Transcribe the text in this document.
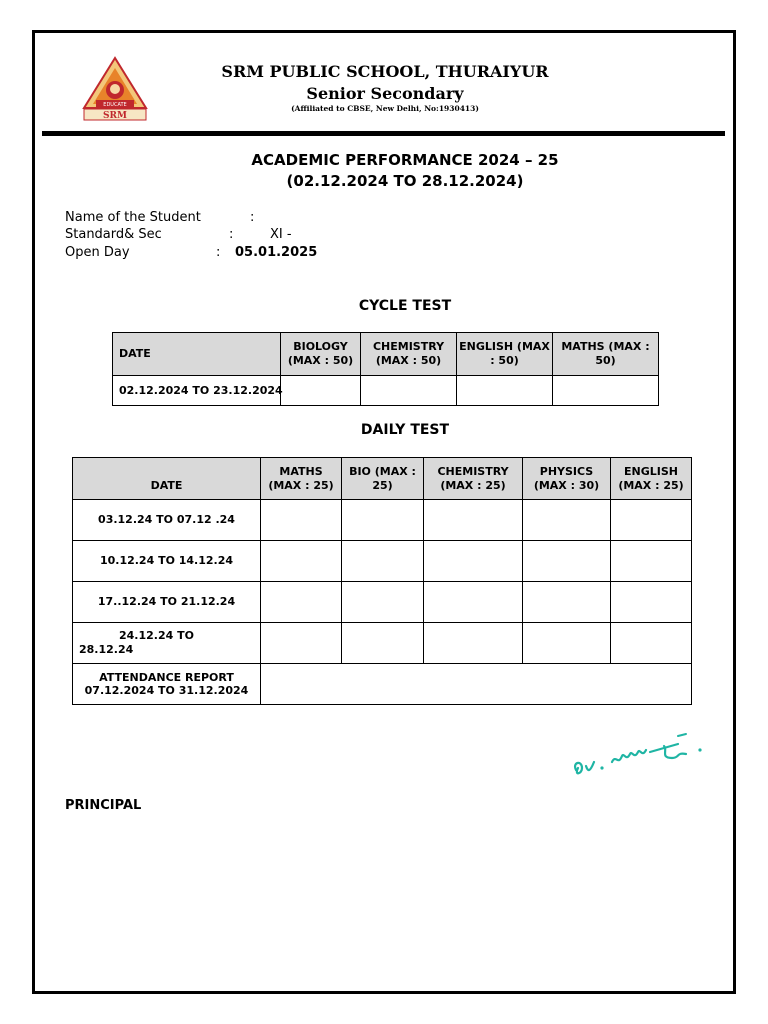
EDUCATE
SRM
SRM PUBLIC SCHOOL, THURAIYUR
Senior Secondary
(Affiliated to CBSE, New Delhi, No:1930413)
ACADEMIC PERFORMANCE 2024 – 25
(02.12.2024 TO 28.12.2024)
Name of the Student	:
Standard& Sec	:	XI -
Open Day	: 05.01.2025
CYCLE TEST
DATE	BIOLOGY (MAX : 50)	CHEMISTRY (MAX : 50)	ENGLISH (MAX : 50)	MATHS (MAX : 50)
02.12.2024 TO 23.12.2024				
DAILY TEST
DATE	MATHS (MAX : 25)	BIO (MAX : 25)	CHEMISTRY (MAX : 25)	PHYSICS (MAX : 30)	ENGLISH (MAX : 25)
03.12.24 TO 07.12 .24					
10.12.24 TO 14.12.24					
17..12.24 TO 21.12.24					
24.12.24 TO 28.12.24					
ATTENDANCE REPORT 07.12.2024 TO 31.12.2024					
PRINCIPAL
